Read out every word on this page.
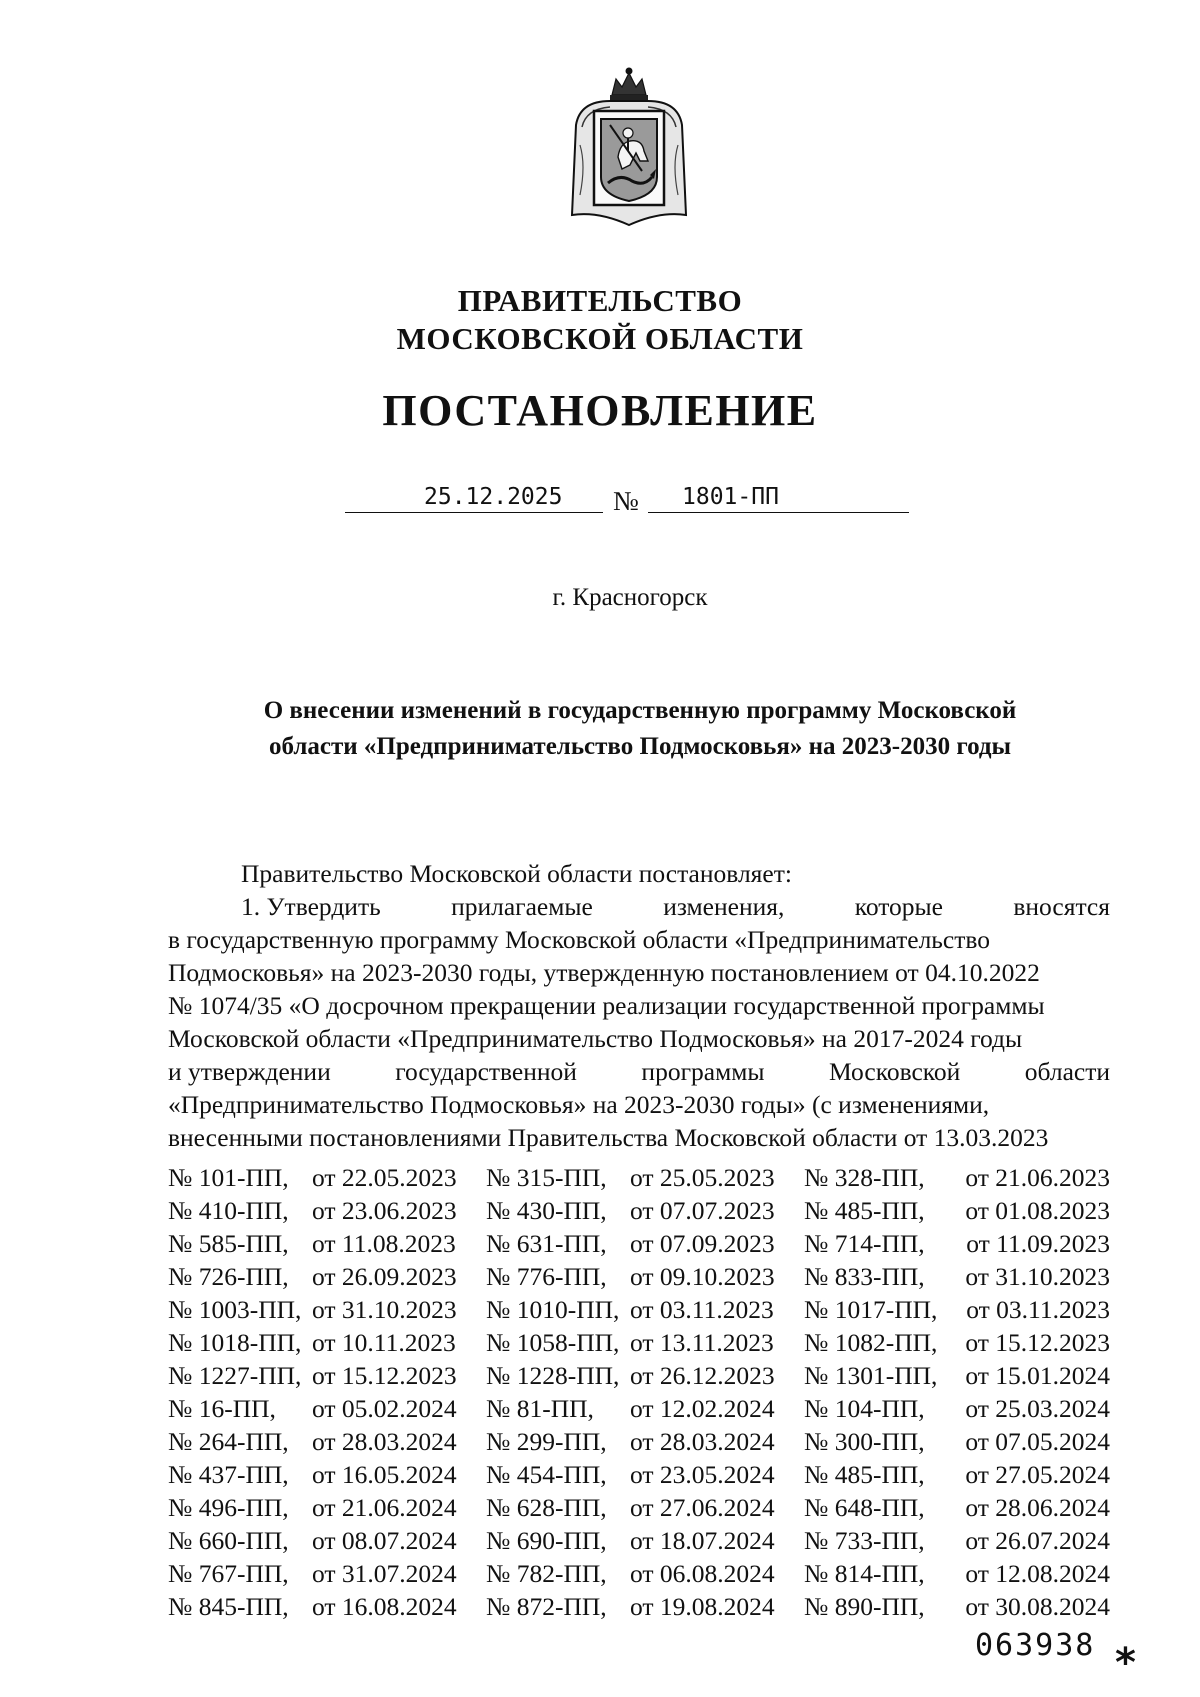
ПРАВИТЕЛЬСТВО
МОСКОВСКОЙ ОБЛАСТИ
ПОСТАНОВЛЕНИЕ
25.12.2025 № 1801-ПП
г. Красногорск
О внесении изменений в государственную программу Московской
области «Предпринимательство Подмосковья» на 2023-2030 годы
Правительство Московской области постановляет:
1. Утвердить	прилагаемые	изменения,	которые	вносятся
в государственную программу Московской области «Предпринимательство
Подмосковья» на 2023-2030 годы, утвержденную постановлением от 04.10.2022
№ 1074/35 «О досрочном прекращении реализации государственной программы
Московской области «Предпринимательство Подмосковья» на 2017-2024 годы
и утверждении	государственной	программы	Московской	области
«Предпринимательство Подмосковья» на 2023-2030 годы» (с изменениями,
внесенными постановлениями Правительства Московской области от 13.03.2023
№ 101-ПП, от 22.05.2023	№ 315-ПП, от 25.05.2023	№ 328-ПП,	от 21.06.2023
№ 410-ПП, от 23.06.2023	№ 430-ПП, от 07.07.2023	№ 485-ПП,	от 01.08.2023
№ 585-ПП, от 11.08.2023	№ 631-ПП, от 07.09.2023	№ 714-ПП,	от 11.09.2023
№ 726-ПП, от 26.09.2023	№ 776-ПП, от 09.10.2023	№ 833-ПП,	от 31.10.2023
№ 1003-ПП, от 31.10.2023	№ 1010-ПП, от 03.11.2023	№ 1017-ПП,	от 03.11.2023
№ 1018-ПП, от 10.11.2023	№ 1058-ПП, от 13.11.2023	№ 1082-ПП,	от 15.12.2023
№ 1227-ПП, от 15.12.2023	№ 1228-ПП, от 26.12.2023	№ 1301-ПП,	от 15.01.2024
№ 16-ПП,	от 05.02.2024	№ 81-ПП,	от 12.02.2024	№ 104-ПП,	от 25.03.2024
№ 264-ПП, от 28.03.2024	№ 299-ПП, от 28.03.2024	№ 300-ПП,	от 07.05.2024
№ 437-ПП, от 16.05.2024	№ 454-ПП, от 23.05.2024	№ 485-ПП,	от 27.05.2024
№ 496-ПП, от 21.06.2024	№ 628-ПП, от 27.06.2024	№ 648-ПП,	от 28.06.2024
№ 660-ПП, от 08.07.2024	№ 690-ПП, от 18.07.2024	№ 733-ПП,	от 26.07.2024
№ 767-ПП, от 31.07.2024	№ 782-ПП, от 06.08.2024	№ 814-ПП,	от 12.08.2024
№ 845-ПП, от 16.08.2024	№ 872-ПП, от 19.08.2024	№ 890-ПП,	от 30.08.2024
063938 *
